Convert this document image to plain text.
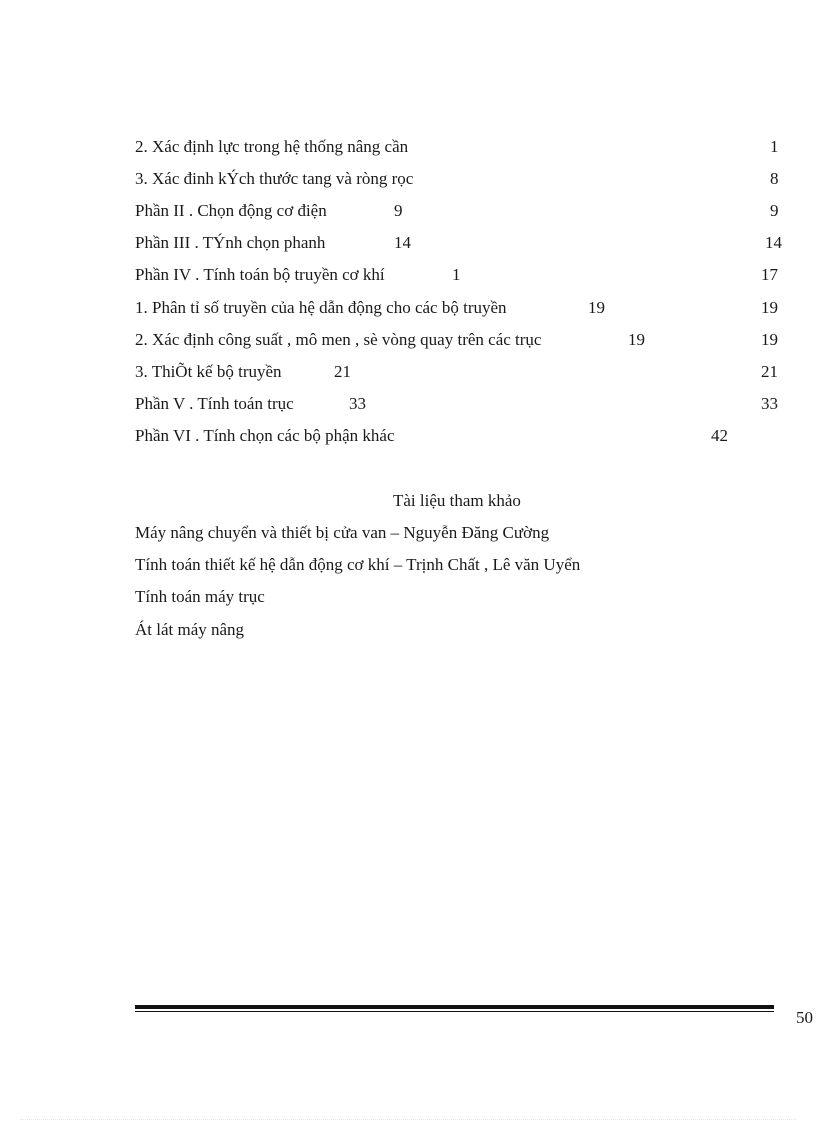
2. Xác định lực trong hệ thống nâng cần	1
3. Xác đinh kÝch thước tang và ròng rọc	8
Phần II . Chọn động cơ điện	9	9
Phần III . TÝnh chọn phanh	14	14
Phần IV . Tính toán bộ truyền cơ khí	1	17
1. Phân tỉ số truyền của hệ dẫn động cho các bộ truyền	19	19
2. Xác định công suất , mô men , sè vòng quay trên các trục	19	19
3. ThiÕt kế bộ truyền	21	21
Phần V . Tính toán trục	33	33
Phần VI . Tính chọn các bộ phận khác	42
Tài liệu tham khảo
Máy nâng chuyển và thiết bị cửa van – Nguyễn Đăng Cường
Tính toán thiết kế hệ dẫn động cơ khí – Trịnh Chất , Lê văn Uyển
Tính toán máy trục
Át lát máy nâng
50
